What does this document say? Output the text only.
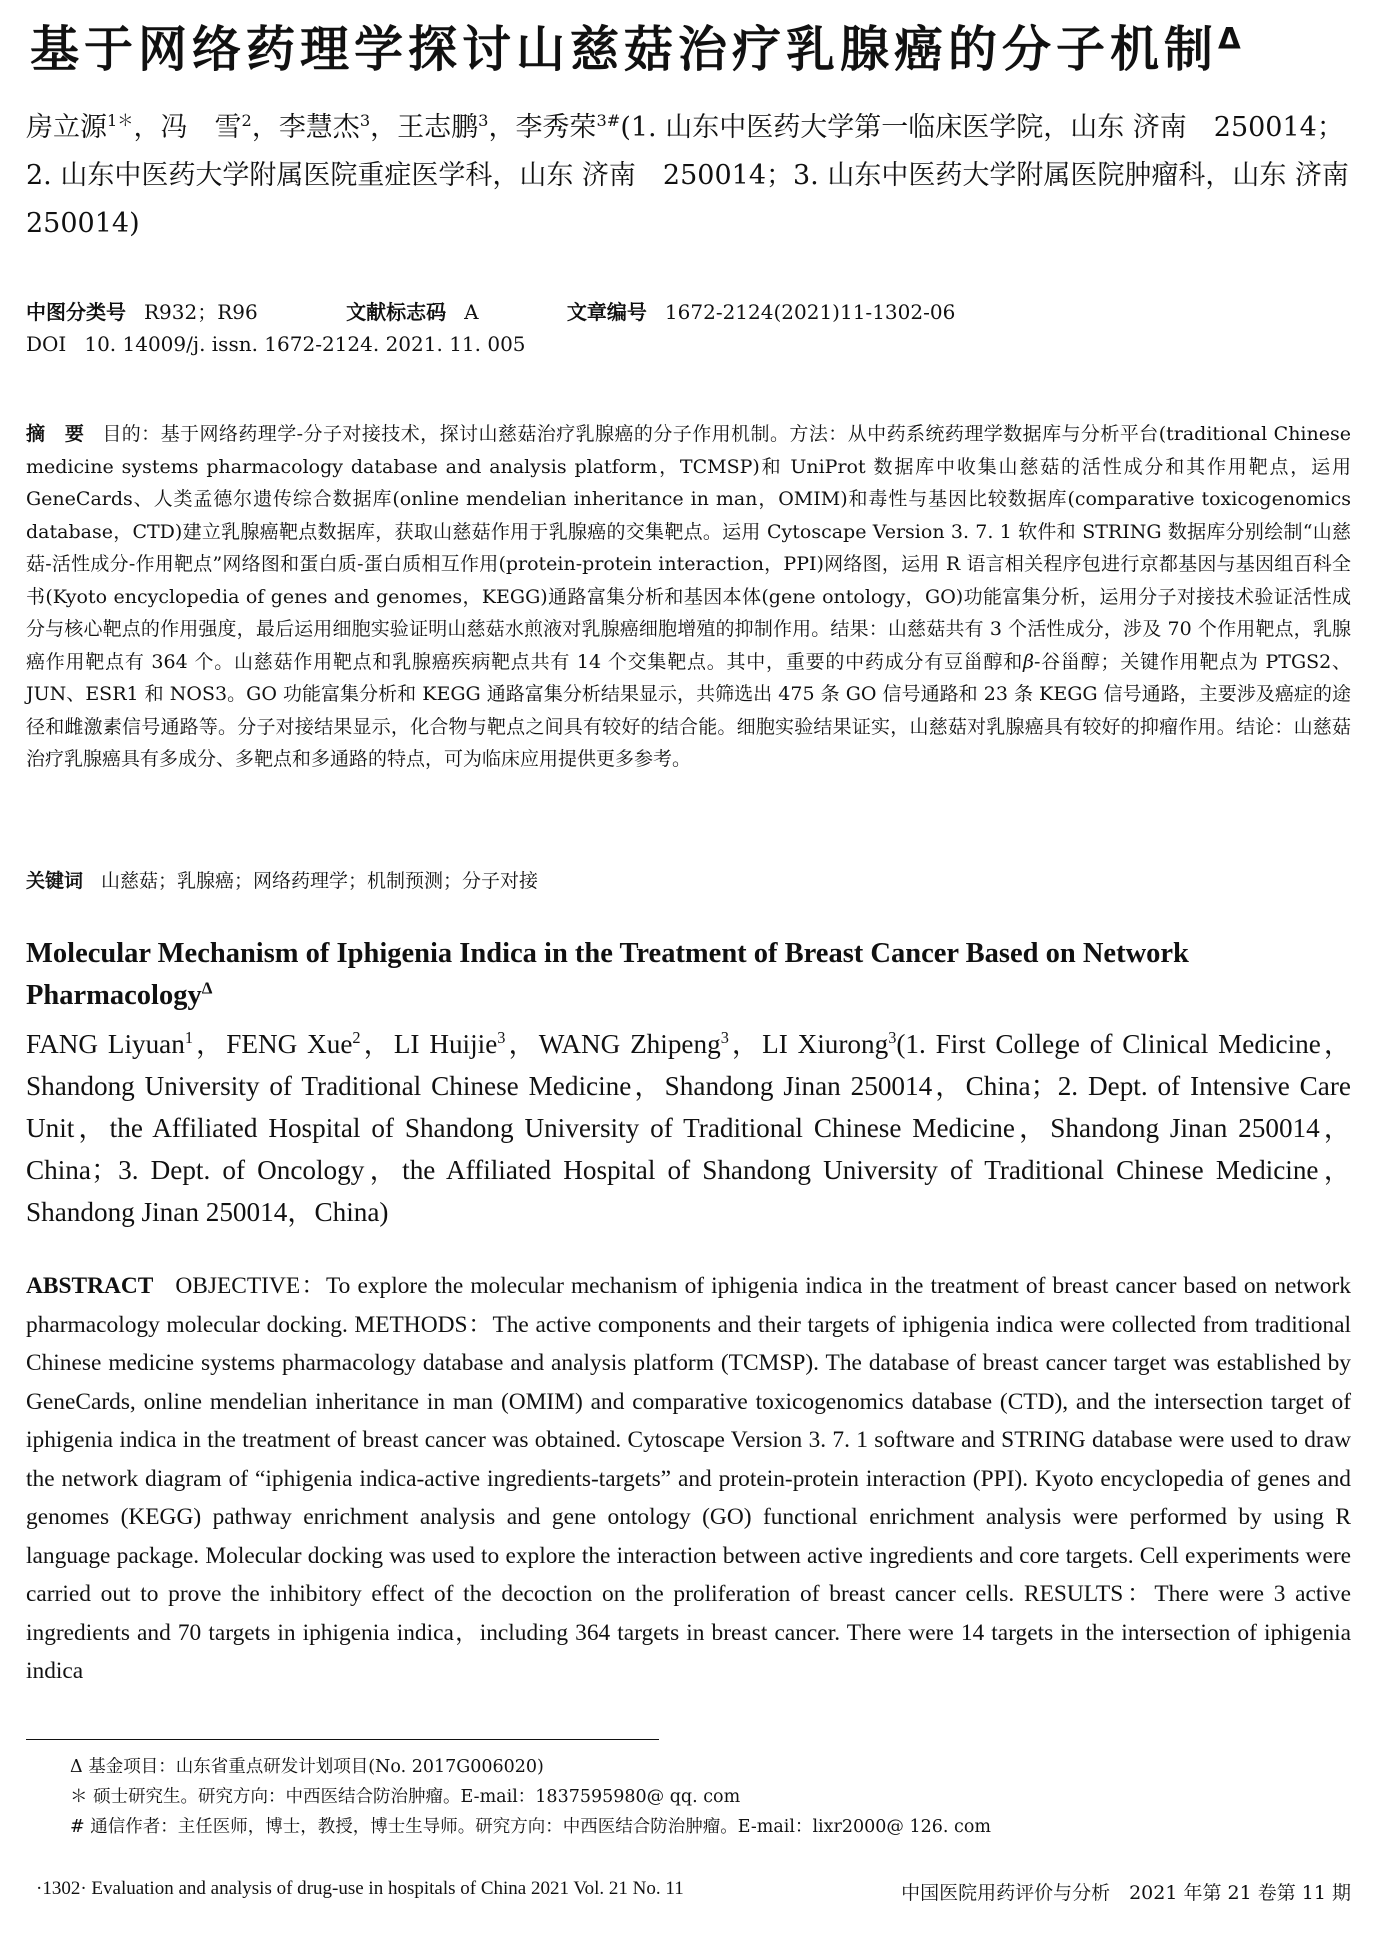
基于网络药理学探讨山慈菇治疗乳腺癌的分子机制$^\Delta$
房立源$^{1*}$，冯　雪$^2$，李慧杰$^3$，王志鹏$^3$，李秀荣$^{3\#}$(1. 山东中医药大学第一临床医学院，山东 济南　250014；2. 山东中医药大学附属医院重症医学科，山东 济南　250014；3. 山东中医药大学附属医院肿瘤科，山东 济南 250014)
中图分类号 R932；R96	文献标志码 A	文章编号 1672-2124(2021)11-1302-06
DOI 10. 14009/j. issn. 1672-2124. 2021. 11. 005
摘　要 目的：基于网络药理学-分子对接技术，探讨山慈菇治疗乳腺癌的分子作用机制。方法：从中药系统药理学数据库与分析平台(traditional Chinese medicine systems pharmacology database and analysis platform，TCMSP)和 UniProt 数据库中收集山慈菇的活性成分和其作用靶点，运用 GeneCards、人类孟德尔遗传综合数据库(online mendelian inheritance in man，OMIM)和毒性与基因比较数据库(comparative toxicogenomics database，CTD)建立乳腺癌靶点数据库，获取山慈菇作用于乳腺癌的交集靶点。运用 Cytoscape Version 3. 7. 1 软件和 STRING 数据库分别绘制“山慈菇-活性成分-作用靶点”网络图和蛋白质-蛋白质相互作用(protein-protein interaction，PPI)网络图，运用 R 语言相关程序包进行京都基因与基因组百科全书(Kyoto encyclopedia of genes and genomes，KEGG)通路富集分析和基因本体(gene ontology，GO)功能富集分析，运用分子对接技术验证活性成分与核心靶点的作用强度，最后运用细胞实验证明山慈菇水煎液对乳腺癌细胞增殖的抑制作用。结果：山慈菇共有 3 个活性成分，涉及 70 个作用靶点，乳腺癌作用靶点有 364 个。山慈菇作用靶点和乳腺癌疾病靶点共有 14 个交集靶点。其中，重要的中药成分有豆甾醇和β-谷甾醇；关键作用靶点为 PTGS2、JUN、ESR1 和 NOS3。GO 功能富集分析和 KEGG 通路富集分析结果显示，共筛选出 475 条 GO 信号通路和 23 条 KEGG 信号通路，主要涉及癌症的途径和雌激素信号通路等。分子对接结果显示，化合物与靶点之间具有较好的结合能。细胞实验结果证实，山慈菇对乳腺癌具有较好的抑瘤作用。结论：山慈菇治疗乳腺癌具有多成分、多靶点和多通路的特点，可为临床应用提供更多参考。
关键词 山慈菇；乳腺癌；网络药理学；机制预测；分子对接
Molecular Mechanism of Iphigenia Indica in the Treatment of Breast Cancer Based on Network Pharmacology$^\Delta$
FANG Liyuan$^1$，FENG Xue$^2$，LI Huijie$^3$，WANG Zhipeng$^3$，LI Xiurong$^3$(1. First College of Clinical Medicine，Shandong University of Traditional Chinese Medicine，Shandong Jinan 250014，China；2. Dept. of Intensive Care Unit，the Affiliated Hospital of Shandong University of Traditional Chinese Medicine，Shandong Jinan 250014，China；3. Dept. of Oncology，the Affiliated Hospital of Shandong University of Traditional Chinese Medicine，Shandong Jinan 250014，China)
ABSTRACT OBJECTIVE：To explore the molecular mechanism of iphigenia indica in the treatment of breast cancer based on network pharmacology molecular docking. METHODS：The active components and their targets of iphigenia indica were collected from traditional Chinese medicine systems pharmacology database and analysis platform (TCMSP). The database of breast cancer target was established by GeneCards, online mendelian inheritance in man (OMIM) and comparative toxicogenomics database (CTD), and the intersection target of iphigenia indica in the treatment of breast cancer was obtained. Cytoscape Version 3. 7. 1 software and STRING database were used to draw the network diagram of “iphigenia indica-active ingredients-targets” and protein-protein interaction (PPI). Kyoto encyclopedia of genes and genomes (KEGG) pathway enrichment analysis and gene ontology (GO) functional enrichment analysis were performed by using R language package. Molecular docking was used to explore the interaction between active ingredients and core targets. Cell experiments were carried out to prove the inhibitory effect of the decoction on the proliferation of breast cancer cells. RESULTS：There were 3 active ingredients and 70 targets in iphigenia indica，including 364 targets in breast cancer. There were 14 targets in the intersection of iphigenia indica
Δ 基金项目：山东省重点研发计划项目(No. 2017G006020)
＊ 硕士研究生。研究方向：中西医结合防治肿瘤。E-mail：1837595980@ qq. com
# 通信作者：主任医师，博士，教授，博士生导师。研究方向：中西医结合防治肿瘤。E-mail：lixr2000@ 126. com
·1302· Evaluation and analysis of drug-use in hospitals of China 2021 Vol. 21 No. 11	中国医院用药评价与分析　2021 年第 21 卷第 11 期
